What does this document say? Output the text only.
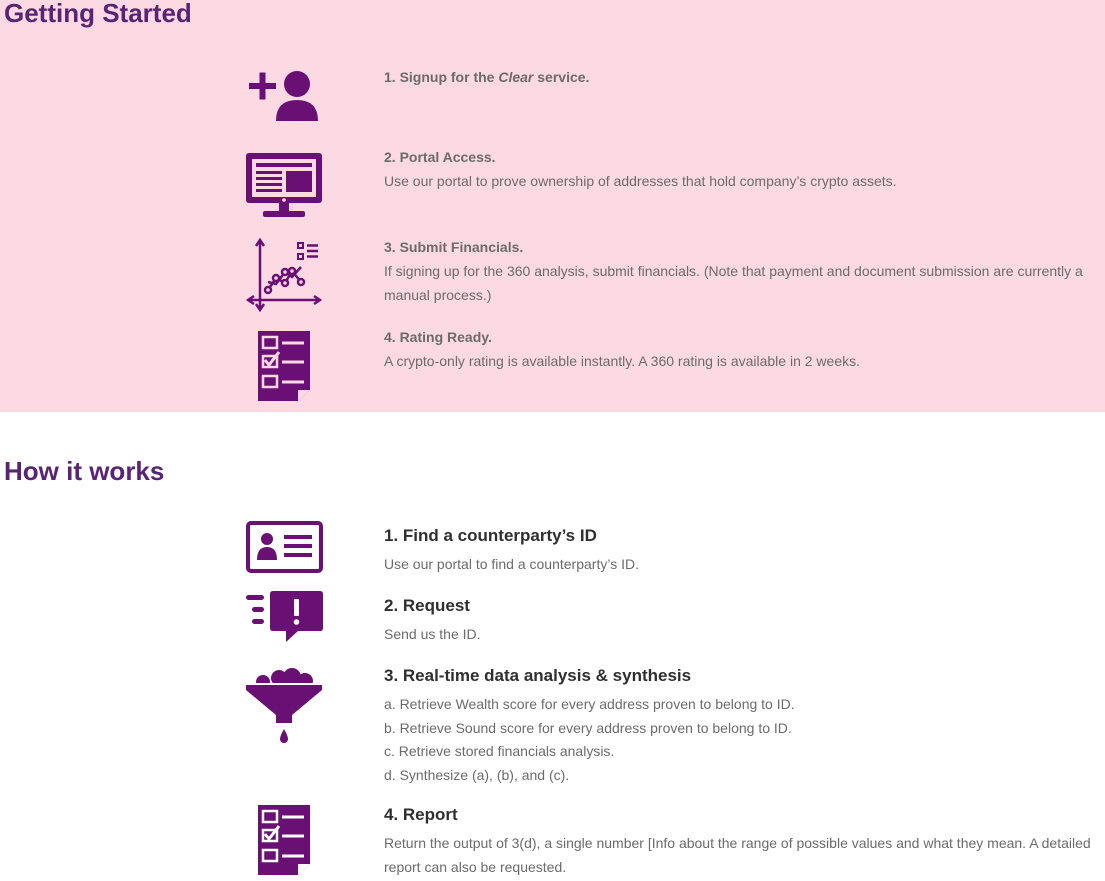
Getting Started
1. Signup for the Clear service.
2. Portal Access.
Use our portal to prove ownership of addresses that hold company’s crypto assets.
3. Submit Financials.
If signing up for the 360 analysis, submit financials. (Note that payment and document submission are currently a manual process.)
4. Rating Ready.
A crypto-only rating is available instantly. A 360 rating is available in 2 weeks.
How it works
1. Find a counterparty’s ID
Use our portal to find a counterparty’s ID.
2. Request
Send us the ID.
3. Real-time data analysis & synthesis
a. Retrieve Wealth score for every address proven to belong to ID.
b. Retrieve Sound score for every address proven to belong to ID.
c. Retrieve stored financials analysis.
d. Synthesize (a), (b), and (c).
4. Report
Return the output of 3(d), a single number [Info about the range of possible values and what they mean. A detailed report can also be requested.
